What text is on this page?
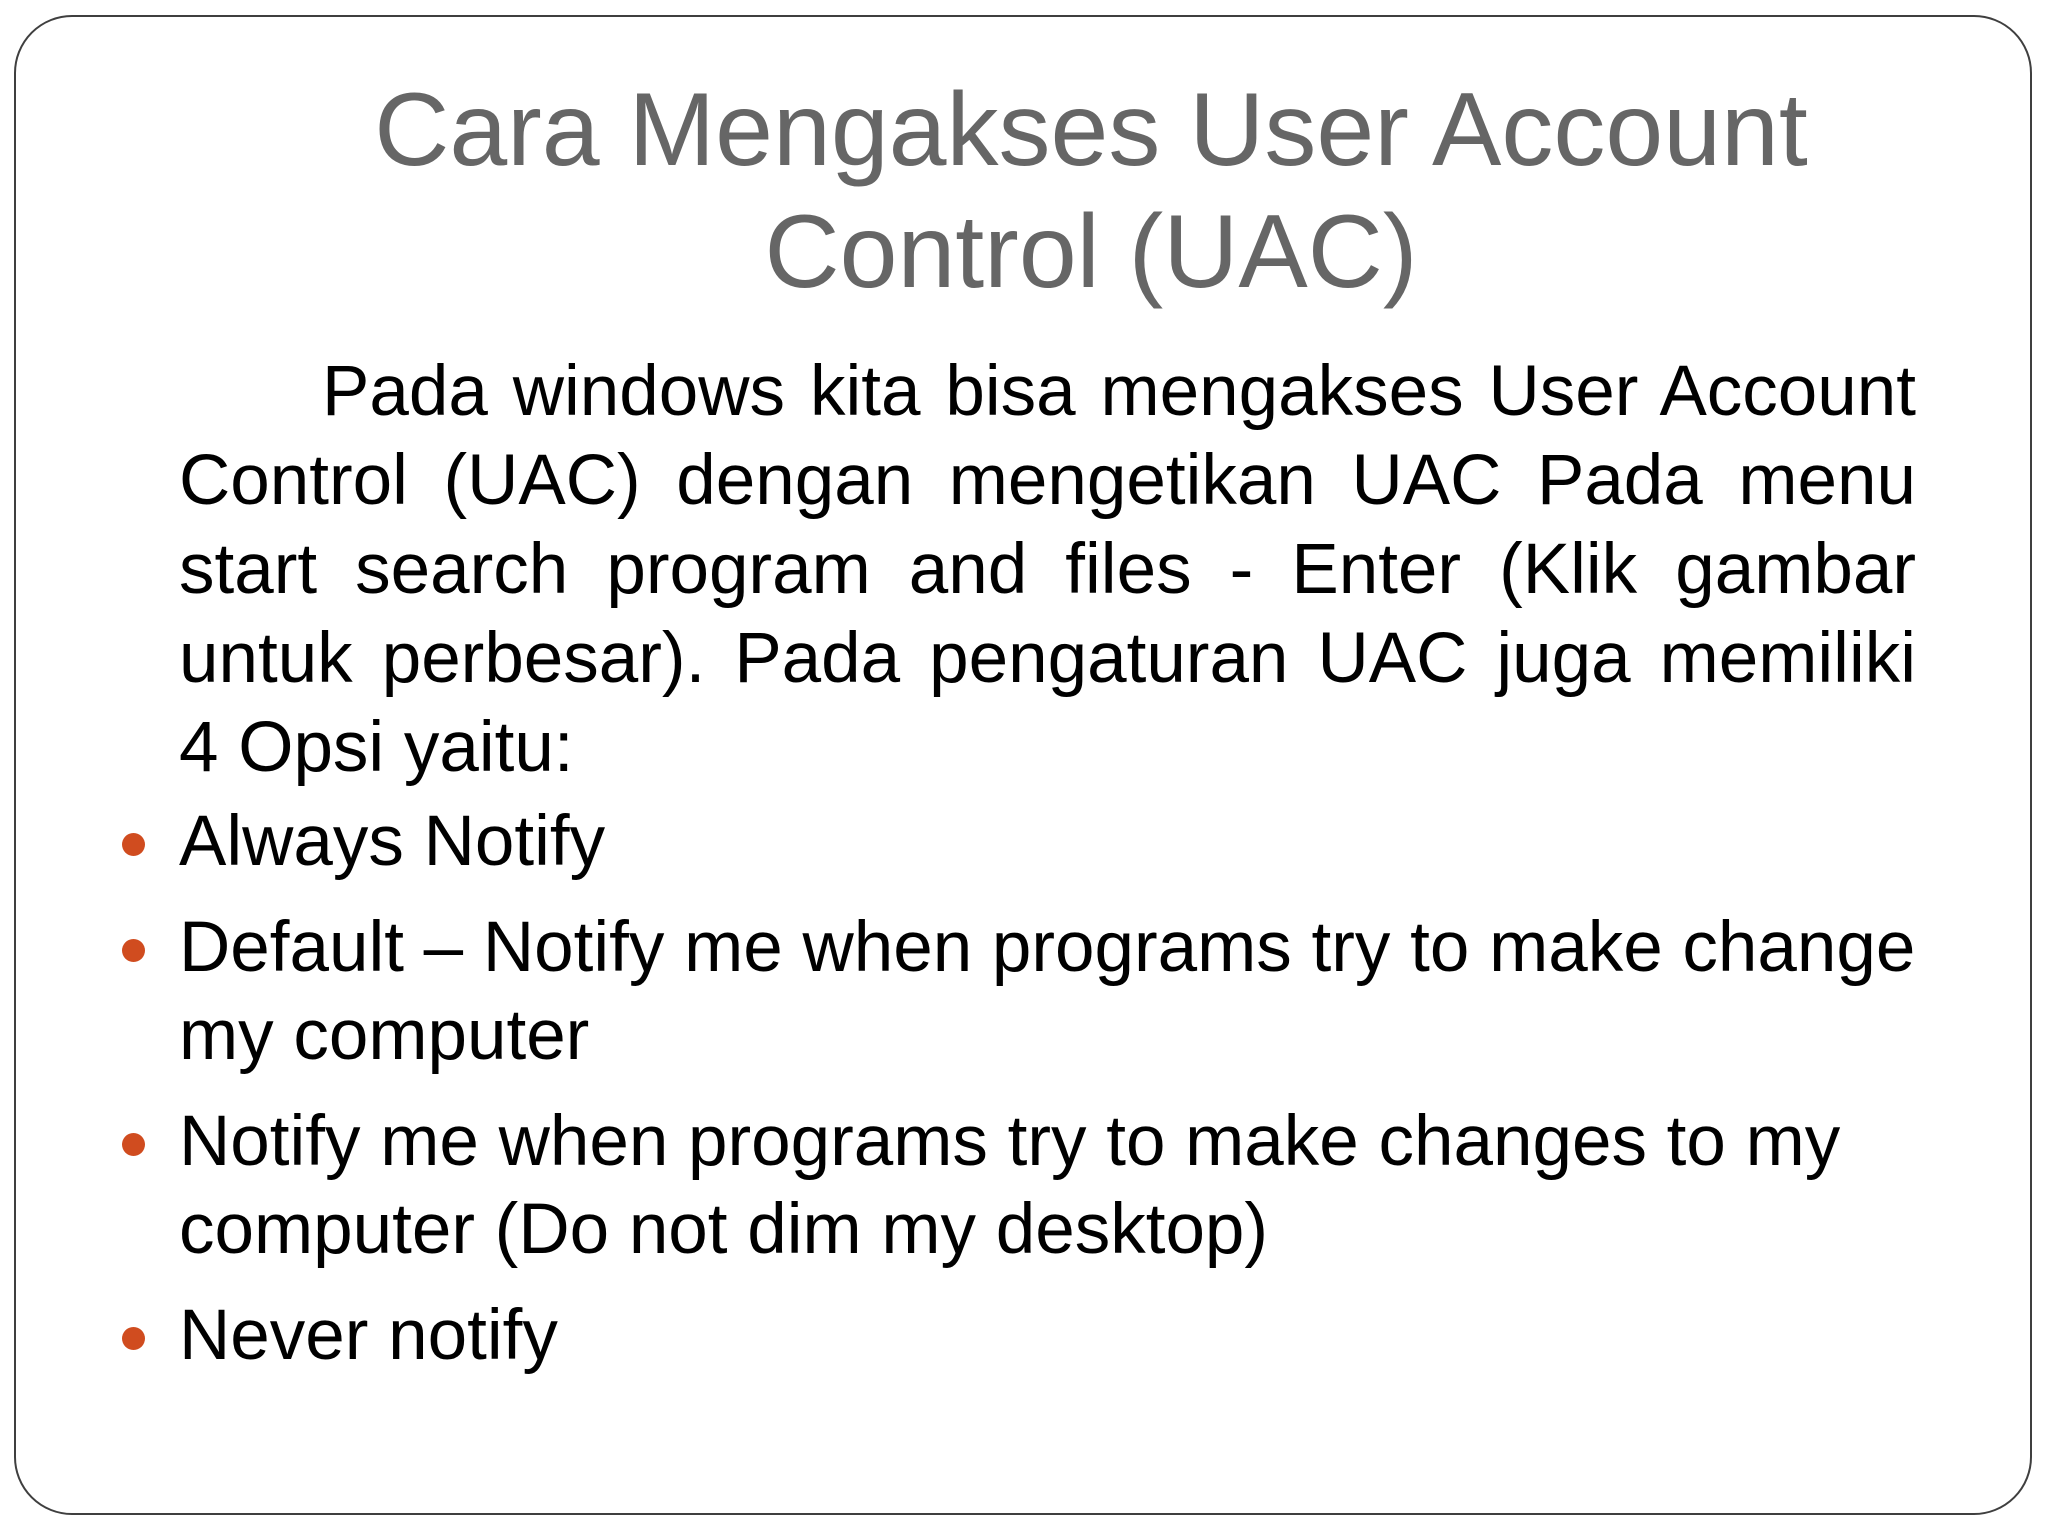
Cara Mengakses User Account Control (UAC)

Pada windows kita bisa mengakses User Account Control (UAC) dengan mengetikan UAC Pada menu start search program and files - Enter (Klik gambar untuk perbesar). Pada pengaturan UAC juga memiliki 4 Opsi yaitu:

Always Notify
Default – Notify me when programs try to make change my computer
Notify me when programs try to make changes to my computer (Do not dim my desktop)
Never notify
